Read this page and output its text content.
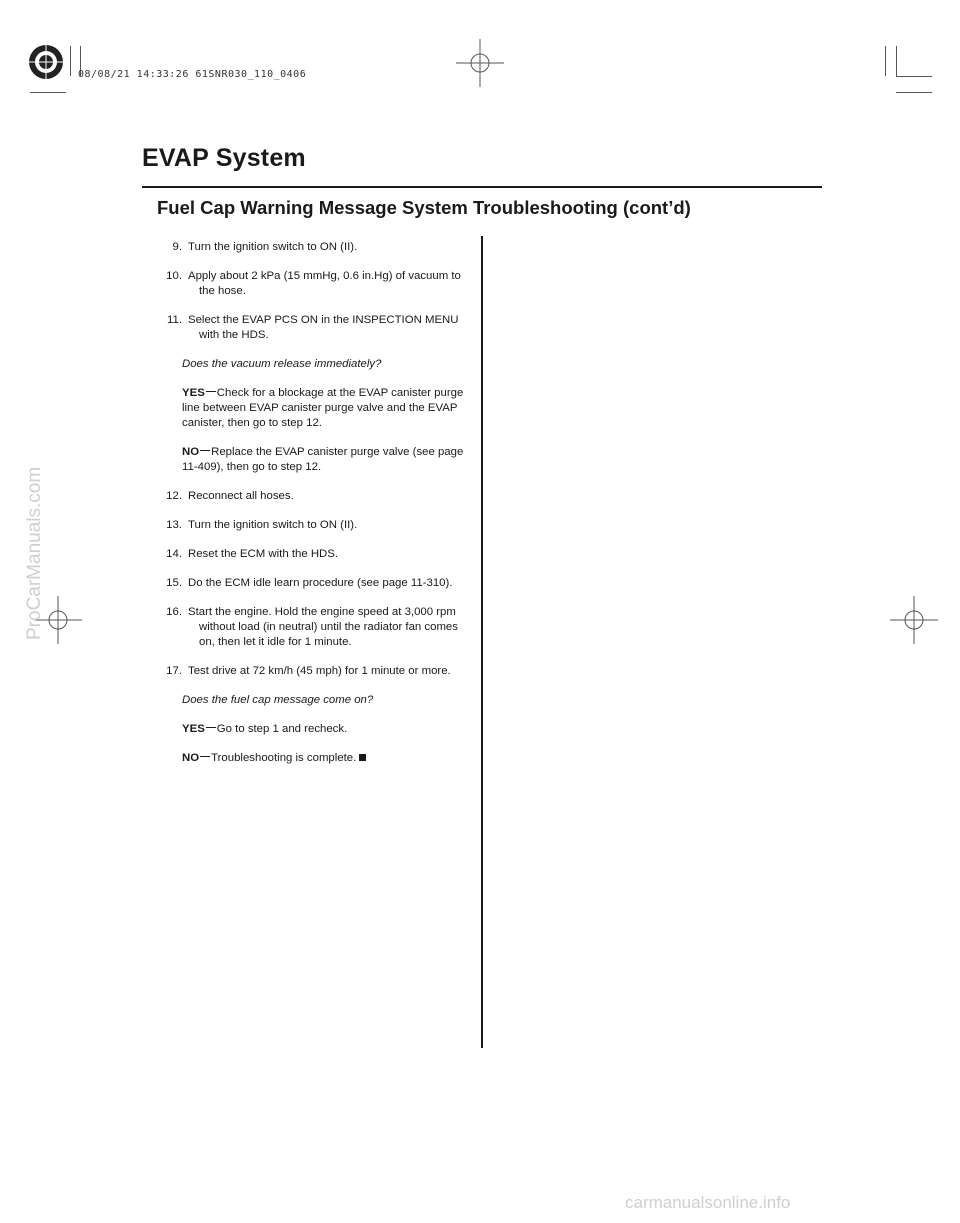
08/08/21 14:33:26 61SNR030_110_0406
ProCarManuals.com
EVAP System
Fuel Cap Warning Message System Troubleshooting (cont’d)
9. Turn the ignition switch to ON (II).
10. Apply about 2 kPa (15 mmHg, 0.6 in.Hg) of vacuum to the hose.
11. Select the EVAP PCS ON in the INSPECTION MENU with the HDS.
Does the vacuum release immediately?
YES Check for a blockage at the EVAP canister purge line between EVAP canister purge valve and the EVAP canister, then go to step 12.
NO Replace the EVAP canister purge valve (see page 11-409), then go to step 12.
12. Reconnect all hoses.
13. Turn the ignition switch to ON (II).
14. Reset the ECM with the HDS.
15. Do the ECM idle learn procedure (see page 11-310).
16. Start the engine. Hold the engine speed at 3,000 rpm without load (in neutral) until the radiator fan comes on, then let it idle for 1 minute.
17. Test drive at 72 km/h (45 mph) for 1 minute or more.
Does the fuel cap message come on?
YES Go to step 1 and recheck.
NO Troubleshooting is complete.
carmanualsonline.info
